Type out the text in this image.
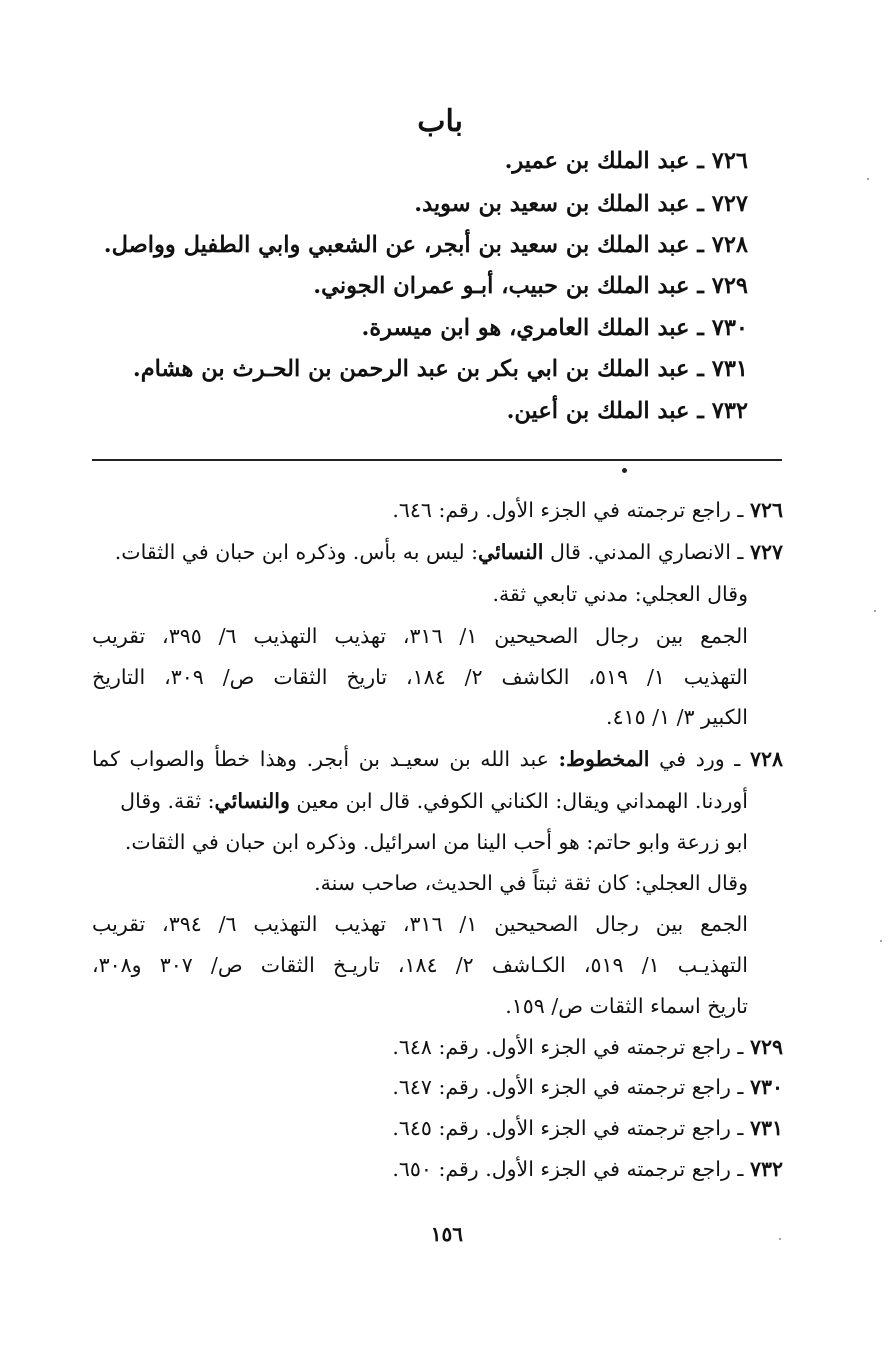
باب
٧٢٦ ـ عبد الملك بن عمير.
٧٢٧ ـ عبد الملك بن سعيد بن سويد.
٧٢٨ ـ عبد الملك بن سعيد بن أبجر، عن الشعبي وابي الطفيل وواصل.
٧٢٩ ـ عبد الملك بن حبيب، أبـو عمران الجوني.
٧٣٠ ـ عبد الملك العامري، هو ابن ميسرة.
٧٣١ ـ عبد الملك بن ابي بكر بن عبد الرحمن بن الحـرث بن هشام.
٧٣٢ ـ عبد الملك بن أعين.
٧٢٦ ـ راجع ترجمته في الجزء الأول. رقم: ٦٤٦.
٧٢٧ ـ الانصاري المدني. قال النسائي: ليس به بأس. وذكره ابن حبان في الثقات.
وقال العجلي: مدني تابعي ثقة.
الجمع بين رجال الصحيحين ١/ ٣١٦، تهذيب التهذيب ٦/ ٣٩٥، تقريب
التهذيب ١/ ٥١٩، الكاشف ٢/ ١٨٤، تاريخ الثقات ص/ ٣٠٩، التاريخ
الكبير ٣/ ١/ ٤١٥.
٧٢٨ ـ ورد في المخطوط: عبد الله بن سعيـد بن أبجر. وهذا خطأ والصواب كما
أوردنا. الهمداني ويقال: الكناني الكوفي. قال ابن معين والنسائي: ثقة. وقال
ابو زرعة وابو حاتم: هو أحب الينا من اسرائيل. وذكره ابن حبان في الثقات.
وقال العجلي: كان ثقة ثبتاً في الحديث، صاحب سنة.
الجمع بين رجال الصحيحين ١/ ٣١٦، تهذيب التهذيب ٦/ ٣٩٤، تقريب
التهذيـب ١/ ٥١٩، الكـاشف ٢/ ١٨٤، تاريـخ الثقات ص/ ٣٠٧ و٣٠٨،
تاريخ اسماء الثقات ص/ ١٥٩.
٧٢٩ ـ راجع ترجمته في الجزء الأول. رقم: ٦٤٨.
٧٣٠ ـ راجع ترجمته في الجزء الأول. رقم: ٦٤٧.
٧٣١ ـ راجع ترجمته في الجزء الأول. رقم: ٦٤٥.
٧٣٢ ـ راجع ترجمته في الجزء الأول. رقم: ٦٥٠.
١٥٦
